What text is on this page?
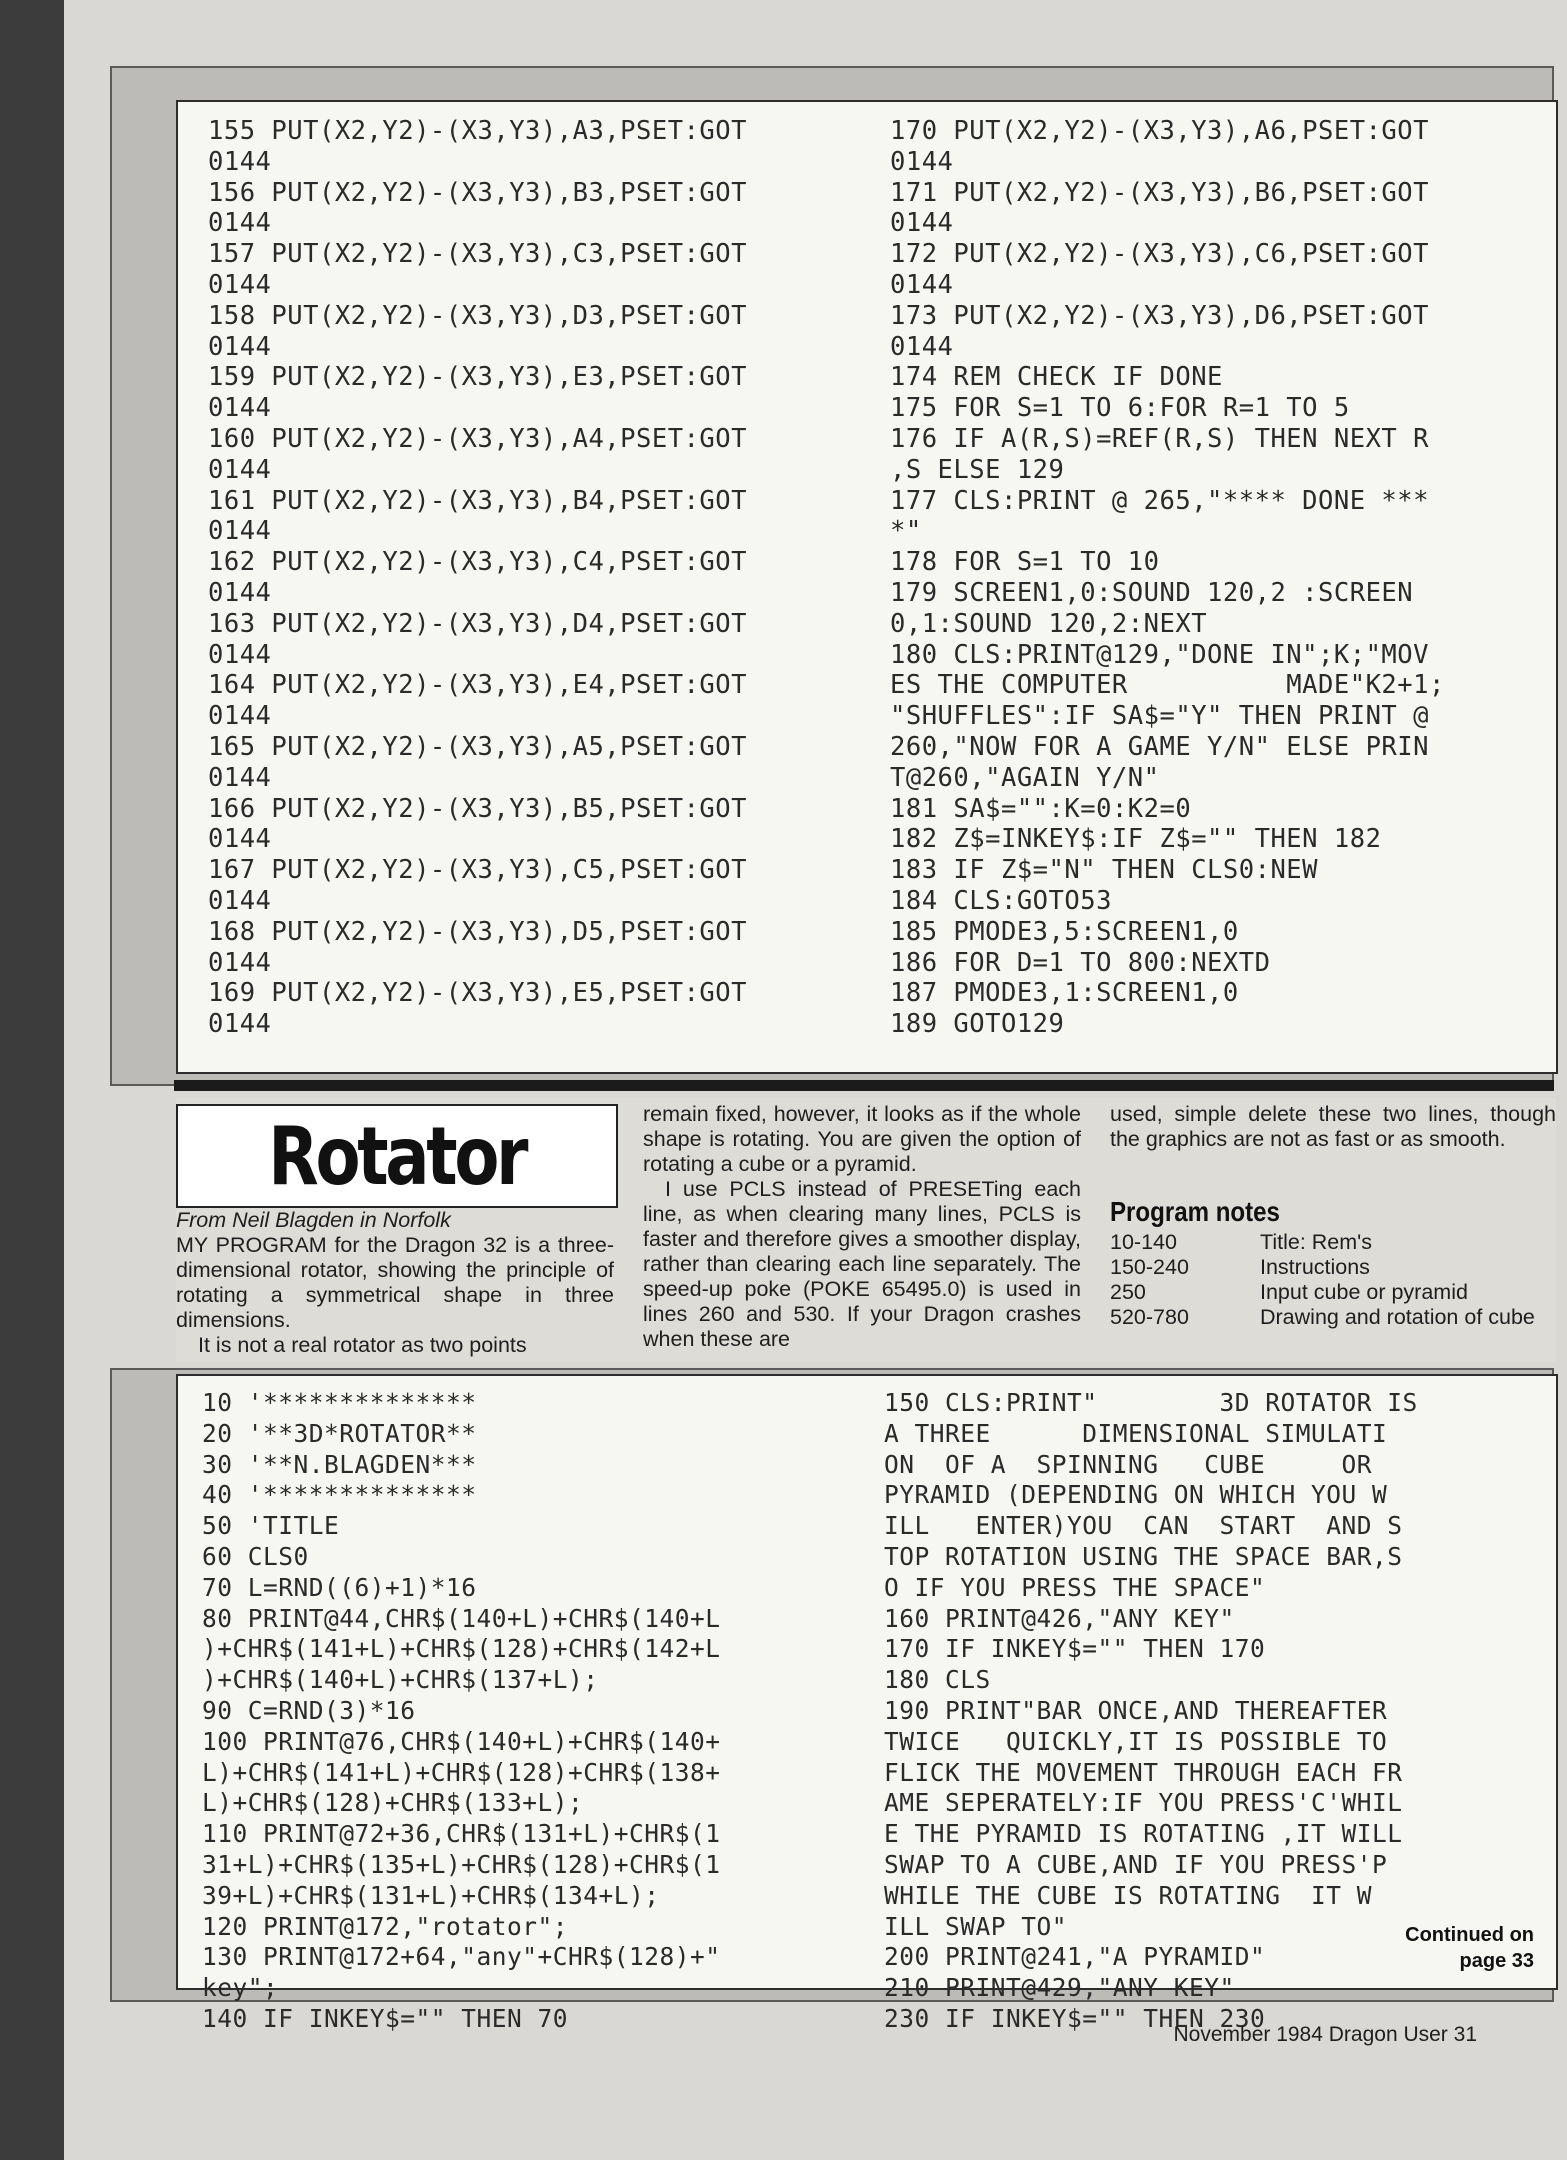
155 PUT(X2,Y2)-(X3,Y3),A3,PSET:GOT
0144
156 PUT(X2,Y2)-(X3,Y3),B3,PSET:GOT
0144
157 PUT(X2,Y2)-(X3,Y3),C3,PSET:GOT
0144
158 PUT(X2,Y2)-(X3,Y3),D3,PSET:GOT
0144
159 PUT(X2,Y2)-(X3,Y3),E3,PSET:GOT
0144
160 PUT(X2,Y2)-(X3,Y3),A4,PSET:GOT
0144
161 PUT(X2,Y2)-(X3,Y3),B4,PSET:GOT
0144
162 PUT(X2,Y2)-(X3,Y3),C4,PSET:GOT
0144
163 PUT(X2,Y2)-(X3,Y3),D4,PSET:GOT
0144
164 PUT(X2,Y2)-(X3,Y3),E4,PSET:GOT
0144
165 PUT(X2,Y2)-(X3,Y3),A5,PSET:GOT
0144
166 PUT(X2,Y2)-(X3,Y3),B5,PSET:GOT
0144
167 PUT(X2,Y2)-(X3,Y3),C5,PSET:GOT
0144
168 PUT(X2,Y2)-(X3,Y3),D5,PSET:GOT
0144
169 PUT(X2,Y2)-(X3,Y3),E5,PSET:GOT
0144
170 PUT(X2,Y2)-(X3,Y3),A6,PSET:GOT
0144
171 PUT(X2,Y2)-(X3,Y3),B6,PSET:GOT
0144
172 PUT(X2,Y2)-(X3,Y3),C6,PSET:GOT
0144
173 PUT(X2,Y2)-(X3,Y3),D6,PSET:GOT
0144
174 REM CHECK IF DONE
175 FOR S=1 TO 6:FOR R=1 TO 5
176 IF A(R,S)=REF(R,S) THEN NEXT R
,S ELSE 129
177 CLS:PRINT @ 265,"**** DONE ***
*"
178 FOR S=1 TO 10
179 SCREEN1,0:SOUND 120,2 :SCREEN
0,1:SOUND 120,2:NEXT
180 CLS:PRINT@129,"DONE IN";K;"MOV
ES THE COMPUTER          MADE"K2+1;
"SHUFFLES":IF SA$="Y" THEN PRINT @
260,"NOW FOR A GAME Y/N" ELSE PRIN
T@260,"AGAIN Y/N"
181 SA$="":K=0:K2=0
182 Z$=INKEY$:IF Z$="" THEN 182
183 IF Z$="N" THEN CLS0:NEW
184 CLS:GOTO53
185 PMODE3,5:SCREEN1,0
186 FOR D=1 TO 800:NEXTD
187 PMODE3,1:SCREEN1,0
189 GOTO129
Rotator
From Neil Blagden in Norfolk

MY PROGRAM for the Dragon 32 is a three-dimensional rotator, showing the principle of rotating a symmetrical shape in three dimensions.

It is not a real rotator as two points

remain fixed, however, it looks as if the whole shape is rotating. You are given the option of rotating a cube or a pyramid.

I use PCLS instead of PRESETing each line, as when clearing many lines, PCLS is faster and therefore gives a smoother display, rather than clearing each line separately. The speed-up poke (POKE 65495.0) is used in lines 260 and 530. If your Dragon crashes when these are

used, simple delete these two lines, though the graphics are not as fast or as smooth.

Program notes
10-140	Title: Rem's
150-240	Instructions
250	Input cube or pyramid
520-780	Drawing and rotation of cube
10 '**************
20 '**3D*ROTATOR**
30 '**N.BLAGDEN***
40 '**************
50 'TITLE
60 CLS0
70 L=RND((6)+1)*16
80 PRINT@44,CHR$(140+L)+CHR$(140+L
)+CHR$(141+L)+CHR$(128)+CHR$(142+L
)+CHR$(140+L)+CHR$(137+L);
90 C=RND(3)*16
100 PRINT@76,CHR$(140+L)+CHR$(140+
L)+CHR$(141+L)+CHR$(128)+CHR$(138+
L)+CHR$(128)+CHR$(133+L);
110 PRINT@72+36,CHR$(131+L)+CHR$(1
31+L)+CHR$(135+L)+CHR$(128)+CHR$(1
39+L)+CHR$(131+L)+CHR$(134+L);
120 PRINT@172,"rotator";
130 PRINT@172+64,"any"+CHR$(128)+"
key";
140 IF INKEY$="" THEN 70
150 CLS:PRINT"        3D ROTATOR IS
A THREE      DIMENSIONAL SIMULATI
ON  OF A  SPINNING   CUBE     OR
PYRAMID (DEPENDING ON WHICH YOU W
ILL   ENTER)YOU  CAN  START  AND S
TOP ROTATION USING THE SPACE BAR,S
O IF YOU PRESS THE SPACE"
160 PRINT@426,"ANY KEY"
170 IF INKEY$="" THEN 170
180 CLS
190 PRINT"BAR ONCE,AND THEREAFTER
TWICE   QUICKLY,IT IS POSSIBLE TO
FLICK THE MOVEMENT THROUGH EACH FR
AME SEPERATELY:IF YOU PRESS'C'WHIL
E THE PYRAMID IS ROTATING ,IT WILL
SWAP TO A CUBE,AND IF YOU PRESS'P
WHILE THE CUBE IS ROTATING  IT W
ILL SWAP TO"
200 PRINT@241,"A PYRAMID"
210 PRINT@429,"ANY KEY"
230 IF INKEY$="" THEN 230
Continued on
page 33
November 1984 Dragon User 31
